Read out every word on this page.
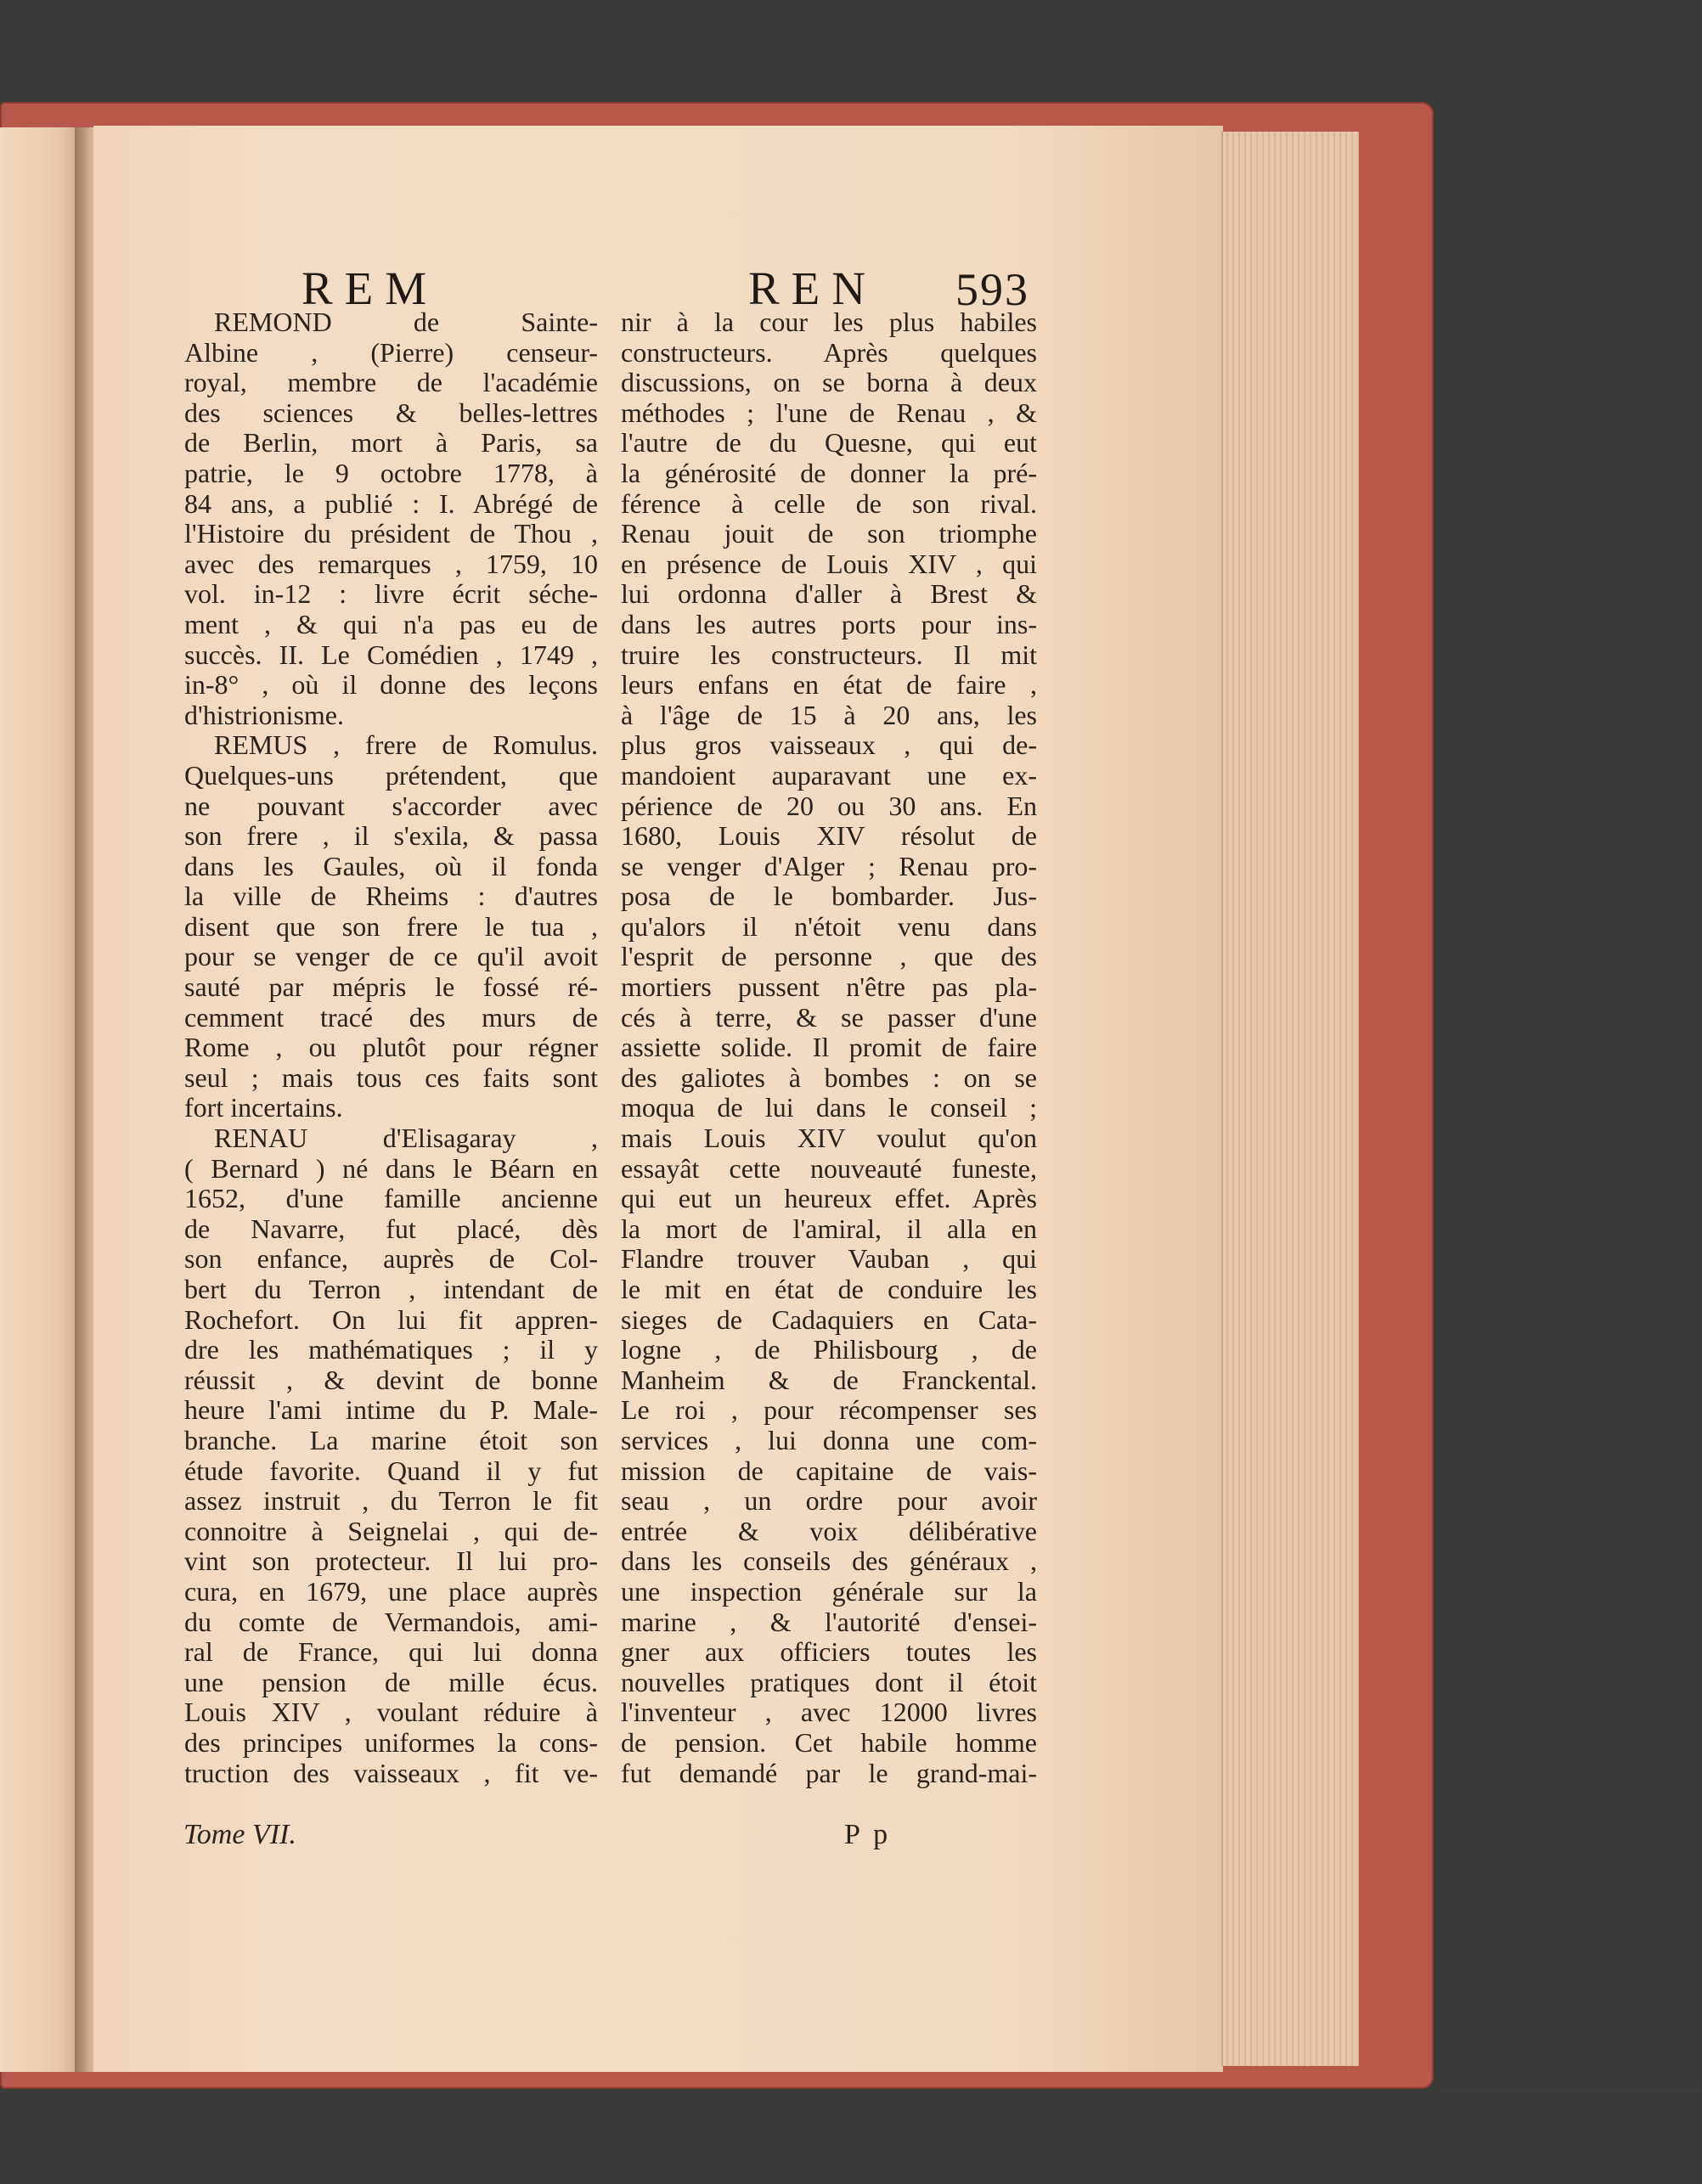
REM	REN 593
REMOND de Sainte-
Albine , (Pierre) censeur-
royal, membre de l'académie
des sciences & belles-lettres
de Berlin, mort à Paris, sa
patrie, le 9 octobre 1778, à
84 ans, a publié : I. Abrégé de
l'Histoire du président de Thou ,
avec des remarques , 1759, 10
vol. in-12 : livre écrit séche-
ment , & qui n'a pas eu de
succès. II. Le Comédien , 1749 ,
in-8° , où il donne des leçons
d'histrionisme.
REMUS , frere de Romulus.
Quelques-uns prétendent, que
ne pouvant s'accorder avec
son frere , il s'exila, & passa
dans les Gaules, où il fonda
la ville de Rheims : d'autres
disent que son frere le tua ,
pour se venger de ce qu'il avoit
sauté par mépris le fossé ré-
cemment tracé des murs de
Rome , ou plutôt pour régner
seul ; mais tous ces faits sont
fort incertains.
RENAU d'Elisagaray ,
( Bernard ) né dans le Béarn en
1652, d'une famille ancienne
de Navarre, fut placé, dès
son enfance, auprès de Col-
bert du Terron , intendant de
Rochefort. On lui fit appren-
dre les mathématiques ; il y
réussit , & devint de bonne
heure l'ami intime du P. Male-
branche. La marine étoit son
étude favorite. Quand il y fut
assez instruit , du Terron le fit
connoitre à Seignelai , qui de-
vint son protecteur. Il lui pro-
cura, en 1679, une place auprès
du comte de Vermandois, ami-
ral de France, qui lui donna
une pension de mille écus.
Louis XIV , voulant réduire à
des principes uniformes la cons-
truction des vaisseaux , fit ve-
nir à la cour les plus habiles
constructeurs. Après quelques
discussions, on se borna à deux
méthodes ; l'une de Renau , &
l'autre de du Quesne, qui eut
la générosité de donner la pré-
férence à celle de son rival.
Renau jouit de son triomphe
en présence de Louis XIV , qui
lui ordonna d'aller à Brest &
dans les autres ports pour ins-
truire les constructeurs. Il mit
leurs enfans en état de faire ,
à l'âge de 15 à 20 ans, les
plus gros vaisseaux , qui de-
mandoient auparavant une ex-
périence de 20 ou 30 ans. En
1680, Louis XIV résolut de
se venger d'Alger ; Renau pro-
posa de le bombarder. Jus-
qu'alors il n'étoit venu dans
l'esprit de personne , que des
mortiers pussent n'être pas pla-
cés à terre, & se passer d'une
assiette solide. Il promit de faire
des galiotes à bombes : on se
moqua de lui dans le conseil ;
mais Louis XIV voulut qu'on
essayât cette nouveauté funeste,
qui eut un heureux effet. Après
la mort de l'amiral, il alla en
Flandre trouver Vauban , qui
le mit en état de conduire les
sieges de Cadaquiers en Cata-
logne , de Philisbourg , de
Manheim & de Franckental.
Le roi , pour récompenser ses
services , lui donna une com-
mission de capitaine de vais-
seau , un ordre pour avoir
entrée & voix délibérative
dans les conseils des généraux ,
une inspection générale sur la
marine , & l'autorité d'ensei-
gner aux officiers toutes les
nouvelles pratiques dont il étoit
l'inventeur , avec 12000 livres
de pension. Cet habile homme
fut demandé par le grand-mai-
Tome VII.	P p
